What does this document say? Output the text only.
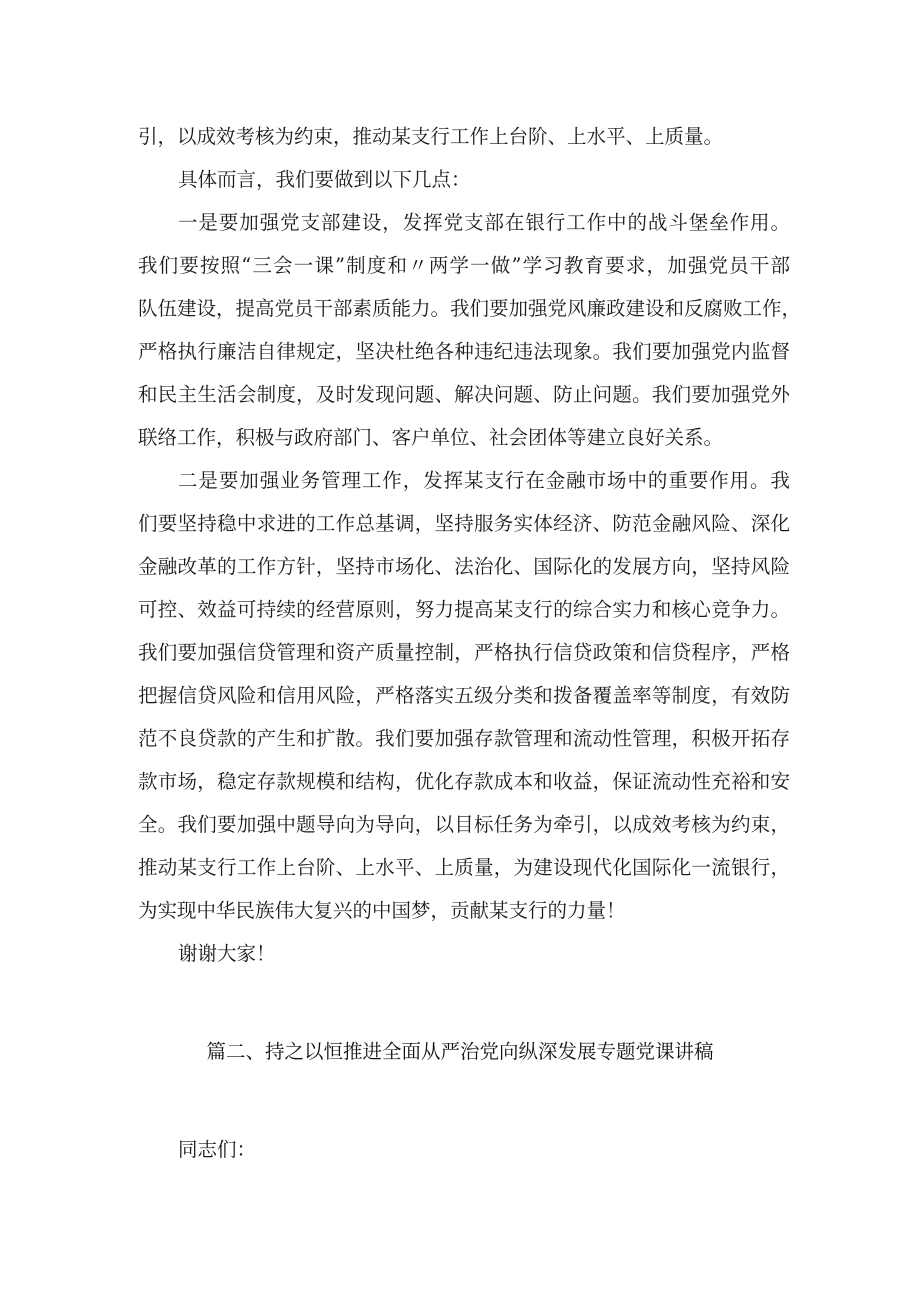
引，以成效考核为约束，推动某支行工作上台阶、上水平、上质量。
具体而言，我们要做到以下几点：
一是要加强党支部建设，发挥党支部在银行工作中的战斗堡垒作用。
我们要按照“三会一课”制度和〃两学一做”学习教育要求，加强党员干部
队伍建设，提高党员干部素质能力。我们要加强党风廉政建设和反腐败工作，
严格执行廉洁自律规定，坚决杜绝各种违纪违法现象。我们要加强党内监督
和民主生活会制度，及时发现问题、解决问题、防止问题。我们要加强党外
联络工作，积极与政府部门、客户单位、社会团体等建立良好关系。
二是要加强业务管理工作，发挥某支行在金融市场中的重要作用。我
们要坚持稳中求进的工作总基调，坚持服务实体经济、防范金融风险、深化
金融改革的工作方针，坚持市场化、法治化、国际化的发展方向，坚持风险
可控、效益可持续的经营原则，努力提高某支行的综合实力和核心竞争力。
我们要加强信贷管理和资产质量控制，严格执行信贷政策和信贷程序，严格
把握信贷风险和信用风险，严格落实五级分类和拨备覆盖率等制度，有效防
范不良贷款的产生和扩散。我们要加强存款管理和流动性管理，积极开拓存
款市场，稳定存款规模和结构，优化存款成本和收益，保证流动性充裕和安
全。我们要加强中题导向为导向，以目标任务为牵引，以成效考核为约束，
推动某支行工作上台阶、上水平、上质量，为建设现代化国际化一流银行，
为实现中华民族伟大复兴的中国梦，贡献某支行的力量！
谢谢大家！
篇二、持之以恒推进全面从严治党向纵深发展专题党课讲稿
同志们：
